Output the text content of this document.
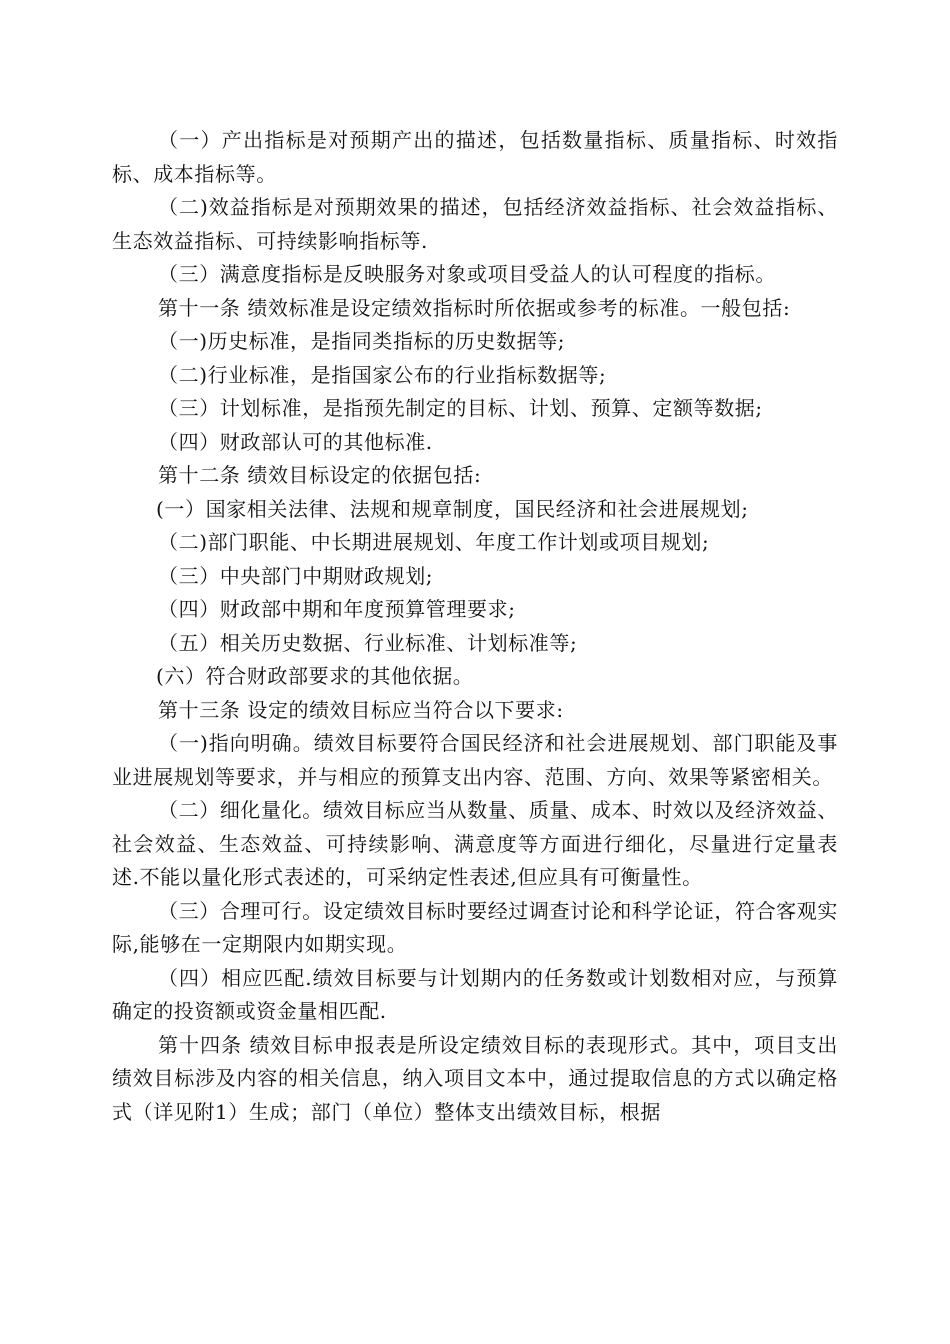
（一）产出指标是对预期产出的描述，包括数量指标、质量指标、时效指标、成本指标等。

（二)效益指标是对预期效果的描述，包括经济效益指标、社会效益指标、生态效益指标、可持续影响指标等.

（三）满意度指标是反映服务对象或项目受益人的认可程度的指标。

第十一条 绩效标准是设定绩效指标时所依据或参考的标准。一般包括:

（一)历史标准，是指同类指标的历史数据等;

（二)行业标准，是指国家公布的行业指标数据等;

（三）计划标准，是指预先制定的目标、计划、预算、定额等数据;

（四）财政部认可的其他标准.

第十二条 绩效目标设定的依据包括:

(一）国家相关法律、法规和规章制度，国民经济和社会进展规划;

（二)部门职能、中长期进展规划、年度工作计划或项目规划;

（三）中央部门中期财政规划;

（四）财政部中期和年度预算管理要求;

（五）相关历史数据、行业标准、计划标准等;

(六）符合财政部要求的其他依据。

第十三条 设定的绩效目标应当符合以下要求:

（一)指向明确。绩效目标要符合国民经济和社会进展规划、部门职能及事业进展规划等要求，并与相应的预算支出内容、范围、方向、效果等紧密相关。

（二）细化量化。绩效目标应当从数量、质量、成本、时效以及经济效益、社会效益、生态效益、可持续影响、满意度等方面进行细化，尽量进行定量表述.不能以量化形式表述的，可采纳定性表述,但应具有可衡量性。

（三）合理可行。设定绩效目标时要经过调查讨论和科学论证，符合客观实际,能够在一定期限内如期实现。

（四）相应匹配.绩效目标要与计划期内的任务数或计划数相对应，与预算确定的投资额或资金量相匹配.

第十四条 绩效目标申报表是所设定绩效目标的表现形式。其中，项目支出绩效目标涉及内容的相关信息，纳入项目文本中，通过提取信息的方式以确定格式（详见附1）生成；部门（单位）整体支出绩效目标，根据
